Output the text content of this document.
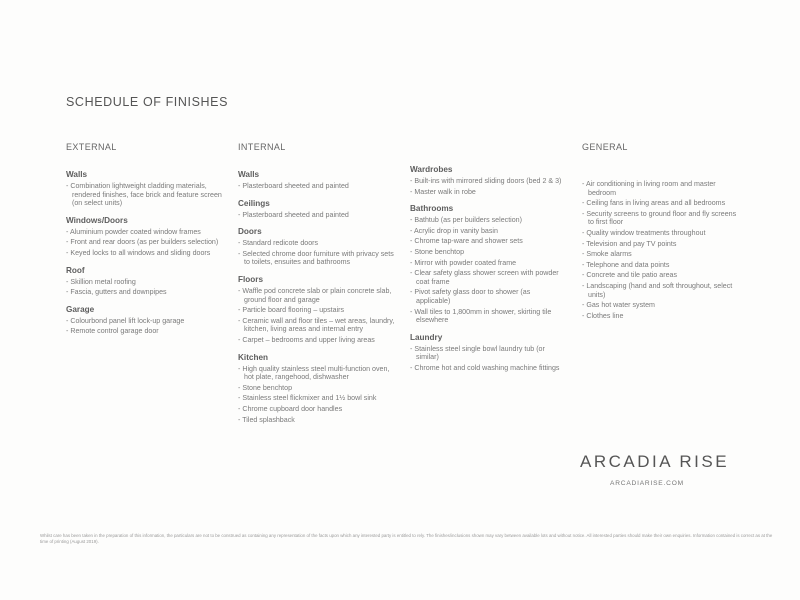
SCHEDULE OF FINISHES
EXTERNAL
Walls
- Combination lightweight cladding materials, rendered finishes, face brick and feature screen (on select units)
Windows/Doors
- Aluminium powder coated window frames
- Front and rear doors (as per builders selection)
- Keyed locks to all windows and sliding doors
Roof
- Skillion metal roofing
- Fascia, gutters and downpipes
Garage
- Colourbond panel lift lock-up garage
- Remote control garage door
INTERNAL
Walls
- Plasterboard sheeted and painted
Ceilings
- Plasterboard sheeted and painted
Doors
- Standard redicote doors
- Selected chrome door furniture with privacy sets to toilets, ensuites and bathrooms
Floors
- Waffle pod concrete slab or plain concrete slab, ground floor and garage
- Particle board flooring – upstairs
- Ceramic wall and floor tiles – wet areas, laundry, kitchen, living areas and internal entry
- Carpet – bedrooms and upper living areas
Kitchen
- High quality stainless steel multi-function oven, hot plate, rangehood, dishwasher
- Stone benchtop
- Stainless steel flickmixer and 1½ bowl sink
- Chrome cupboard door handles
- Tiled splashback
Wardrobes
- Built-ins with mirrored sliding doors (bed 2 & 3)
- Master walk in robe
Bathrooms
- Bathtub (as per builders selection)
- Acrylic drop in vanity basin
- Chrome tap-ware and shower sets
- Stone benchtop
- Mirror with powder coated frame
- Clear safety glass shower screen with powder coat frame
- Pivot safety glass door to shower (as applicable)
- Wall tiles to 1,800mm in shower, skirting tile elsewhere
Laundry
- Stainless steel single bowl laundry tub (or similar)
- Chrome hot and cold washing machine fittings
GENERAL
- Air conditioning in living room and master bedroom
- Ceiling fans in living areas and all bedrooms
- Security screens to ground floor and fly screens to first floor
- Quality window treatments throughout
- Television and pay TV points
- Smoke alarms
- Telephone and data points
- Concrete and tile patio areas
- Landscaping (hand and soft throughout, select units)
- Gas hot water system
- Clothes line
ARCADIA RISE
ARCADIARISE.COM
Whilst care has been taken in the preparation of this information, the particulars are not to be construed as containing any representation of the facts upon which any interested party is entitled to rely. The finishes/inclusions shown may vary between available lots and without notice. All interested parties should make their own enquiries. Information contained is correct as at the time of printing (August 2019).
